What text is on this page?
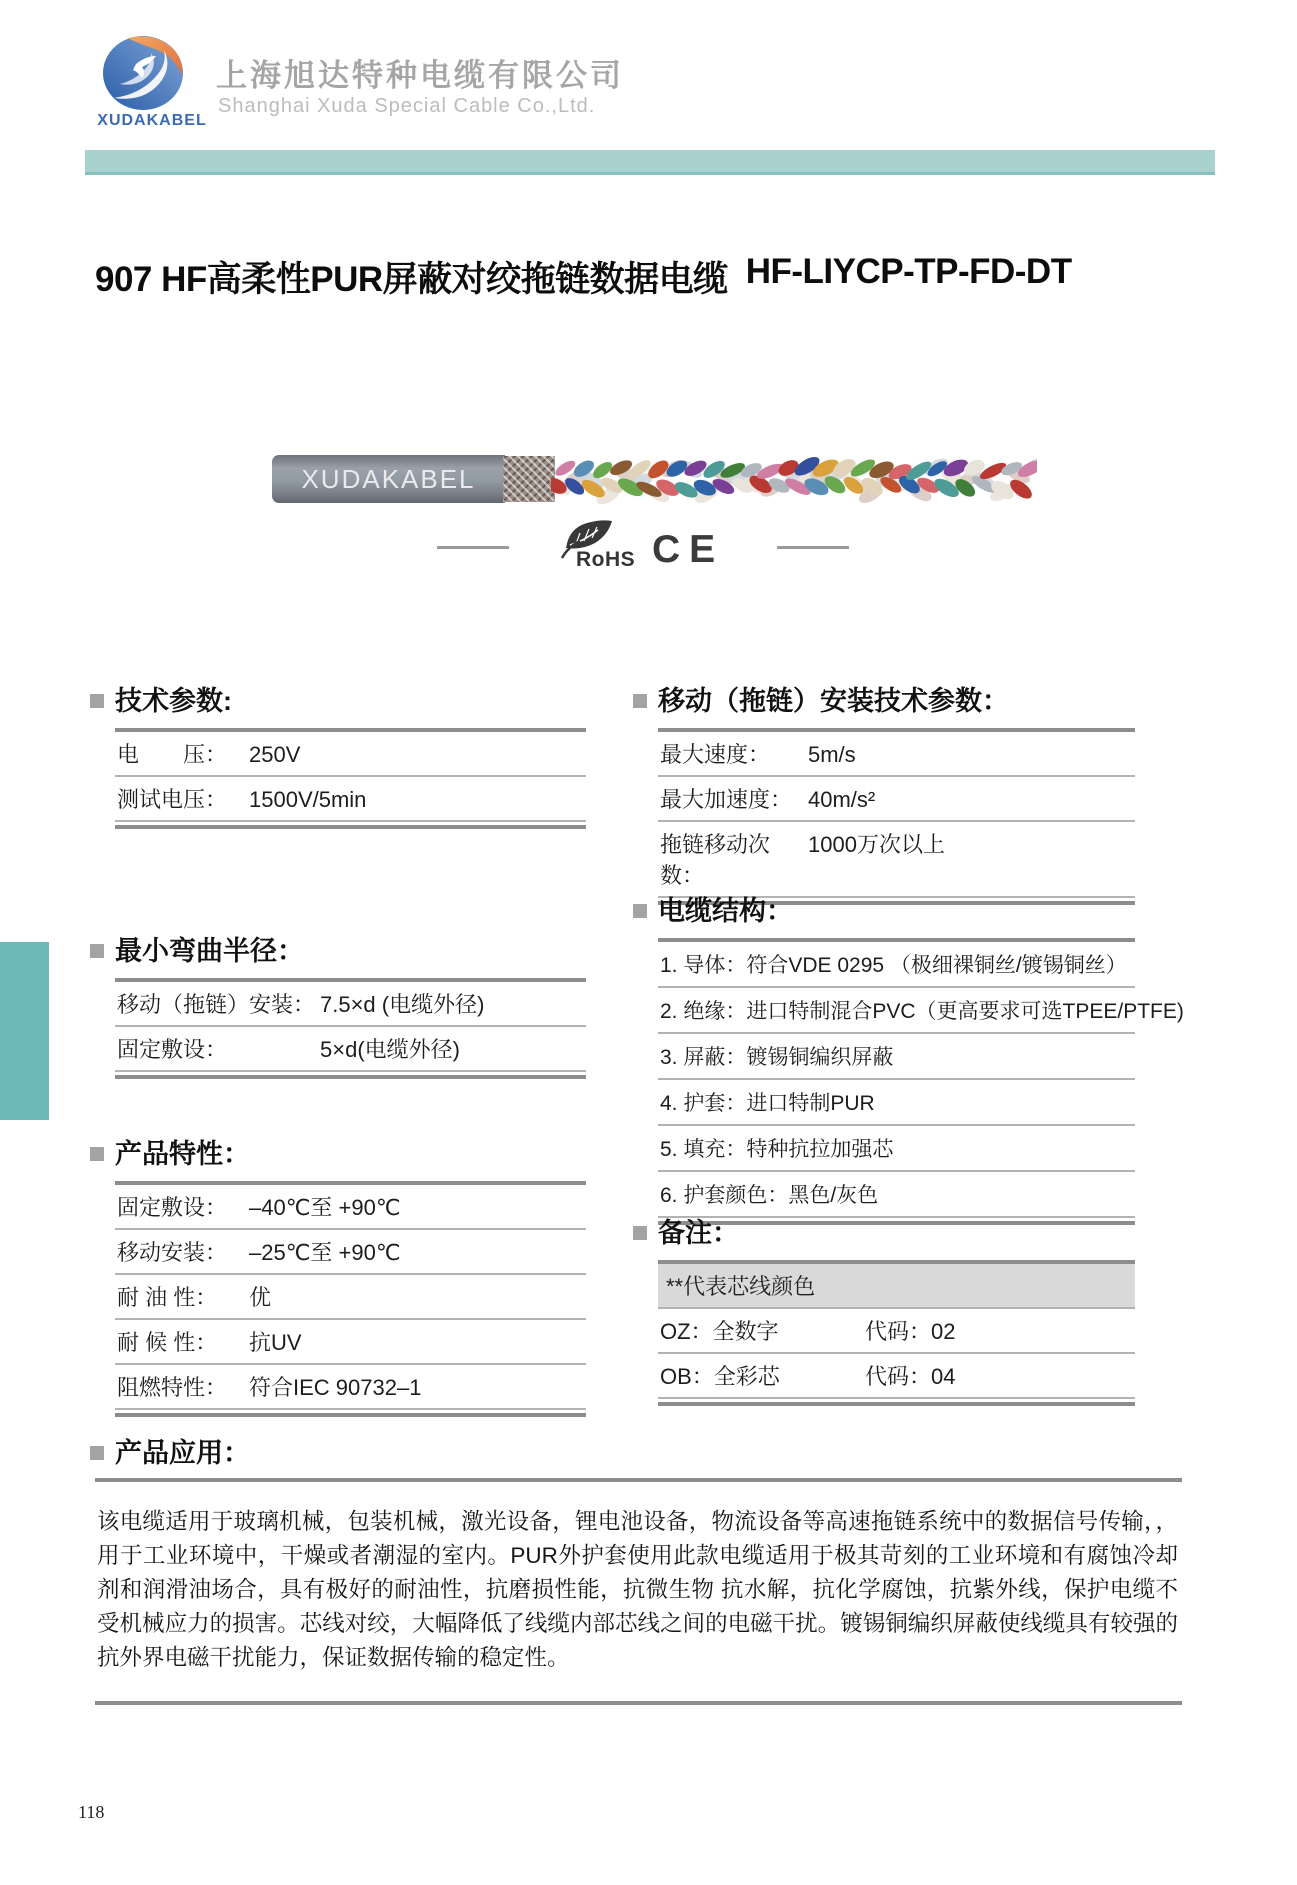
XUDAKABEL
上海旭达特种电缆有限公司
Shanghai Xuda Special Cable Co.,Ltd.
907 HF高柔性PUR屏蔽对绞拖链数据电缆 HF-LIYCP-TP-FD-DT
XUDAKABEL
RoHS CE
技术参数:
电　　压： 250V
测试电压： 1500V/5min
移动（拖链）安装技术参数：
最大速度：	5m/s
最大加速度： 40m/s²
拖链移动次数：
1000万次以上
电缆结构：
1. 导体：符合VDE 0295 （极细裸铜丝/镀锡铜丝）
2. 绝缘：进口特制混合PVC（更高要求可选TPEE/PTFE)
3. 屏蔽：镀锡铜编织屏蔽
4. 护套：进口特制PUR
5. 填充：特种抗拉加强芯
6. 护套颜色：黑色/灰色
最小弯曲半径：
移动（拖链）安装： 7.5×d (电缆外径)
固定敷设：	5×d(电缆外径)
产品特性：
固定敷设： –40℃至 +90℃
移动安装： –25℃至 +90℃
耐 油 性：	优
耐 候 性：	抗UV
阻燃特性： 符合IEC 90732–1
备注：
**代表芯线颜色
OZ：全数字	代码：02
OB：全彩芯	代码：04
产品应用：
该电缆适用于玻璃机械，包装机械，激光设备，锂电池设备，物流设备等高速拖链系统中的数据信号传输，，用于工业环境中，干燥或者潮湿的室内。PUR外护套使用此款电缆适用于极其苛刻的工业环境和有腐蚀冷却剂和润滑油场合，具有极好的耐油性，抗磨损性能，抗微生物 抗水解，抗化学腐蚀，抗紫外线，保护电缆不受机械应力的损害。芯线对绞，大幅降低了线缆内部芯线之间的电磁干扰。镀锡铜编织屏蔽使线缆具有较强的抗外界电磁干扰能力，保证数据传输的稳定性。
118
